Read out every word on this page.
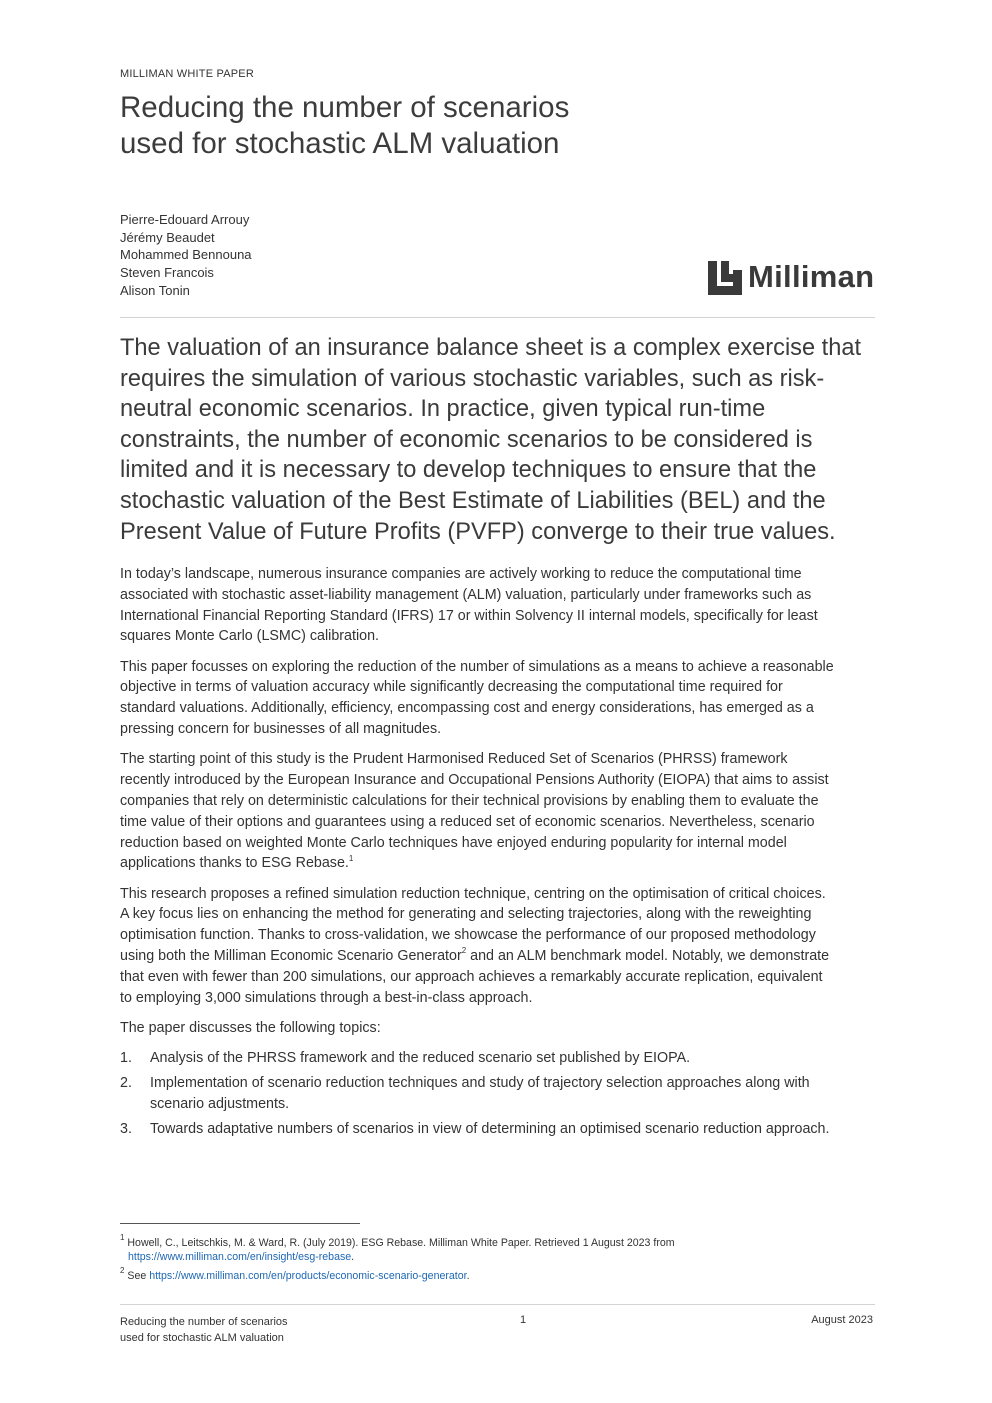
MILLIMAN WHITE PAPER
Reducing the number of scenarios
used for stochastic ALM valuation
Pierre-Edouard Arrouy
Jérémy Beaudet
Mohammed Bennouna
Steven Francois
Alison Tonin	Milliman
The valuation of an insurance balance sheet is a complex exercise that
requires the simulation of various stochastic variables, such as risk-
neutral economic scenarios. In practice, given typical run-time
constraints, the number of economic scenarios to be considered is
limited and it is necessary to develop techniques to ensure that the
stochastic valuation of the Best Estimate of Liabilities (BEL) and the
Present Value of Future Profits (PVFP) converge to their true values.

In today’s landscape, numerous insurance companies are actively working to reduce the computational time
associated with stochastic asset-liability management (ALM) valuation, particularly under frameworks such as
International Financial Reporting Standard (IFRS) 17 or within Solvency II internal models, specifically for least
squares Monte Carlo (LSMC) calibration.

This paper focusses on exploring the reduction of the number of simulations as a means to achieve a reasonable
objective in terms of valuation accuracy while significantly decreasing the computational time required for
standard valuations. Additionally, efficiency, encompassing cost and energy considerations, has emerged as a
pressing concern for businesses of all magnitudes.

The starting point of this study is the Prudent Harmonised Reduced Set of Scenarios (PHRSS) framework
recently introduced by the European Insurance and Occupational Pensions Authority (EIOPA) that aims to assist
companies that rely on deterministic calculations for their technical provisions by enabling them to evaluate the
time value of their options and guarantees using a reduced set of economic scenarios. Nevertheless, scenario
reduction based on weighted Monte Carlo techniques have enjoyed enduring popularity for internal model
applications thanks to ESG Rebase.$^1$

This research proposes a refined simulation reduction technique, centring on the optimisation of critical choices.
A key focus lies on enhancing the method for generating and selecting trajectories, along with the reweighting
optimisation function. Thanks to cross-validation, we showcase the performance of our proposed methodology
using both the Milliman Economic Scenario Generator$^2$ and an ALM benchmark model. Notably, we demonstrate
that even with fewer than 200 simulations, our approach achieves a remarkably accurate replication, equivalent
to employing 3,000 simulations through a best-in-class approach.

The paper discusses the following topics:

1. Analysis of the PHRSS framework and the reduced scenario set published by EIOPA.
2. Implementation of scenario reduction techniques and study of trajectory selection approaches along with
scenario adjustments.
3. Towards adaptative numbers of scenarios in view of determining an optimised scenario reduction approach.
$^1$ Howell, C., Leitschkis, M. & Ward, R. (July 2019). ESG Rebase. Milliman White Paper. Retrieved 1 August 2023 from
https://www.milliman.com/en/insight/esg-rebase.
$^2$ See https://www.milliman.com/en/products/economic-scenario-generator.
Reducing the number of scenarios
used for stochastic ALM valuation
1	August 2023
